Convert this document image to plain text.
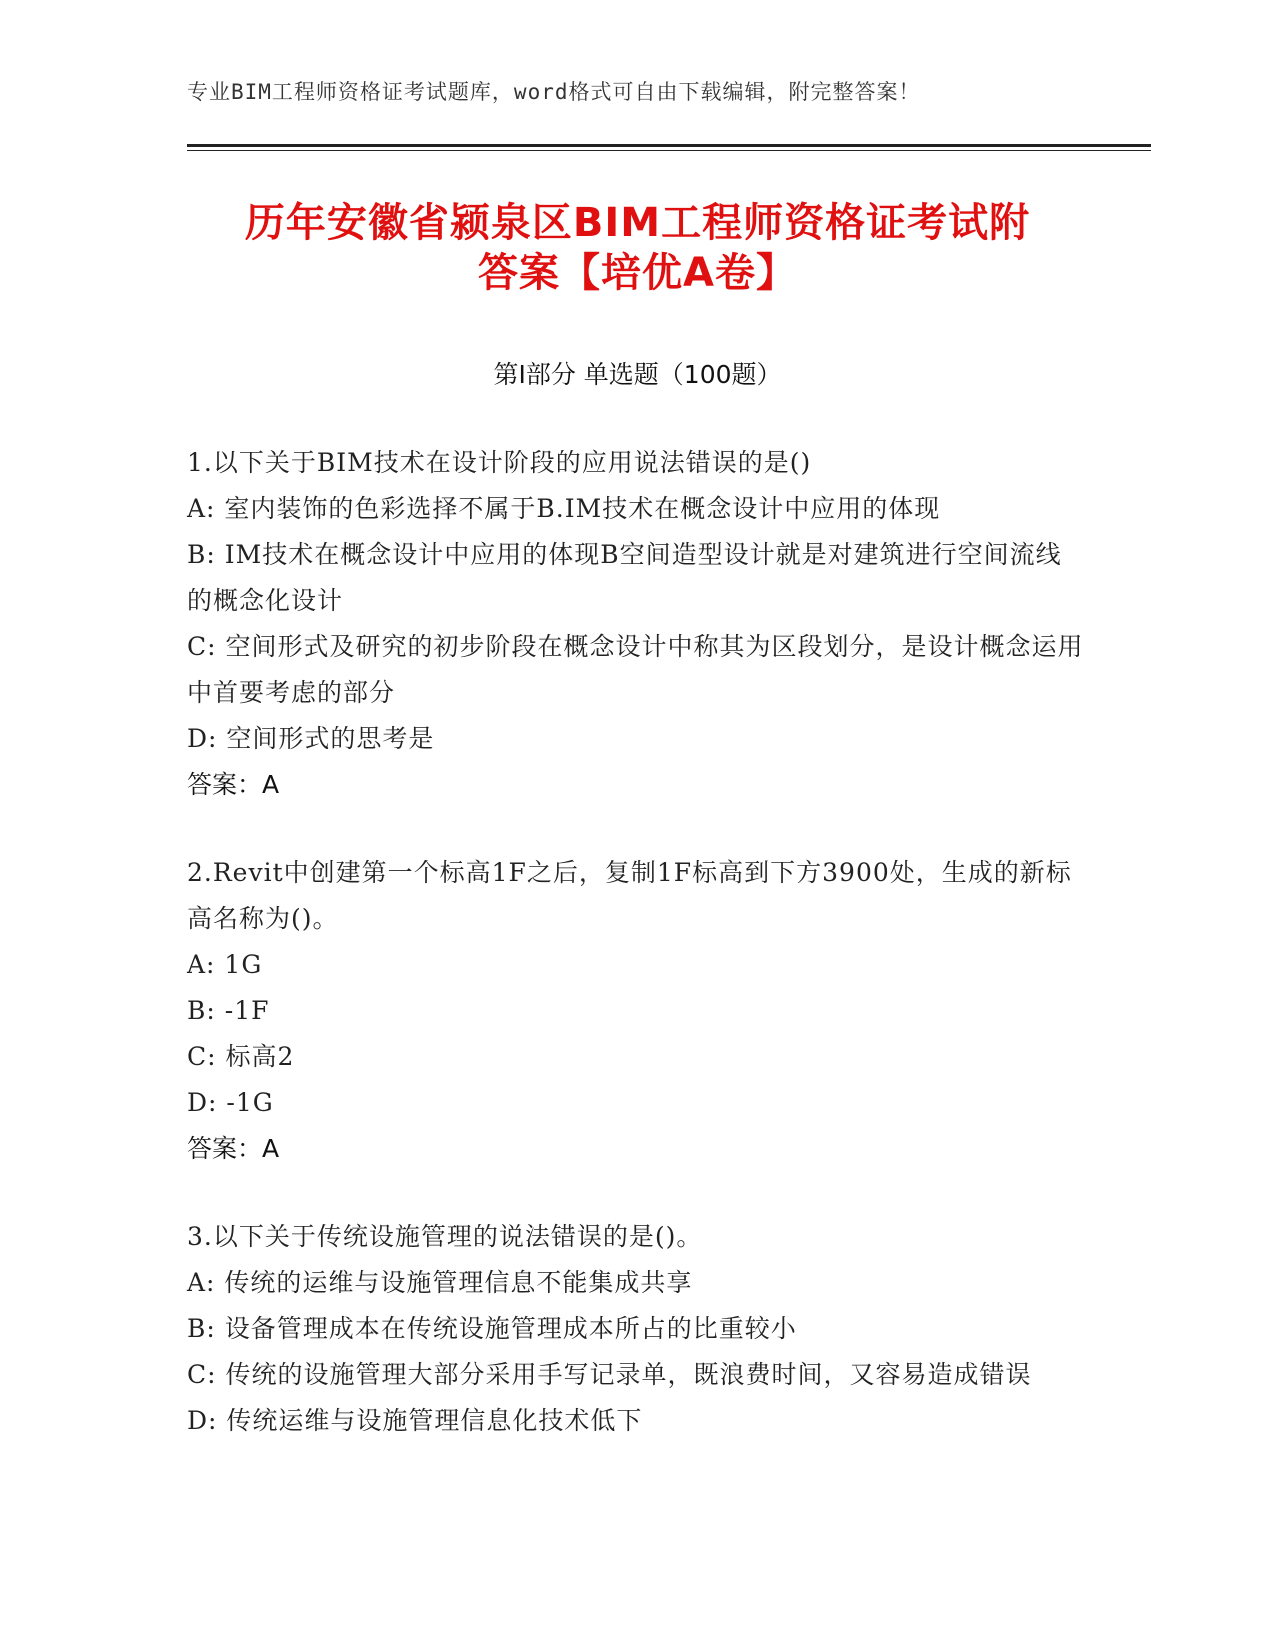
专业BIM工程师资格证考试题库，word格式可自由下载编辑，附完整答案！
历年安徽省颍泉区BIM工程师资格证考试附
答案【培优A卷】
第Ⅰ部分 单选题（100题）
1.以下关于BIM技术在设计阶段的应用说法错误的是()
A: 室内装饰的色彩选择不属于B.IM技术在概念设计中应用的体现
B: IM技术在概念设计中应用的体现B空间造型设计就是对建筑进行空间流线的概念化设计
C: 空间形式及研究的初步阶段在概念设计中称其为区段划分，是设计概念运用中首要考虑的部分
D: 空间形式的思考是
答案：A
2.Revit中创建第一个标高1F之后，复制1F标高到下方3900处，生成的新标高名称为()。
A: 1G
B: -1F
C: 标高2
D: -1G
答案：A
3.以下关于传统设施管理的说法错误的是()。
A: 传统的运维与设施管理信息不能集成共享
B: 设备管理成本在传统设施管理成本所占的比重较小
C: 传统的设施管理大部分采用手写记录单，既浪费时间，又容易造成错误
D: 传统运维与设施管理信息化技术低下
